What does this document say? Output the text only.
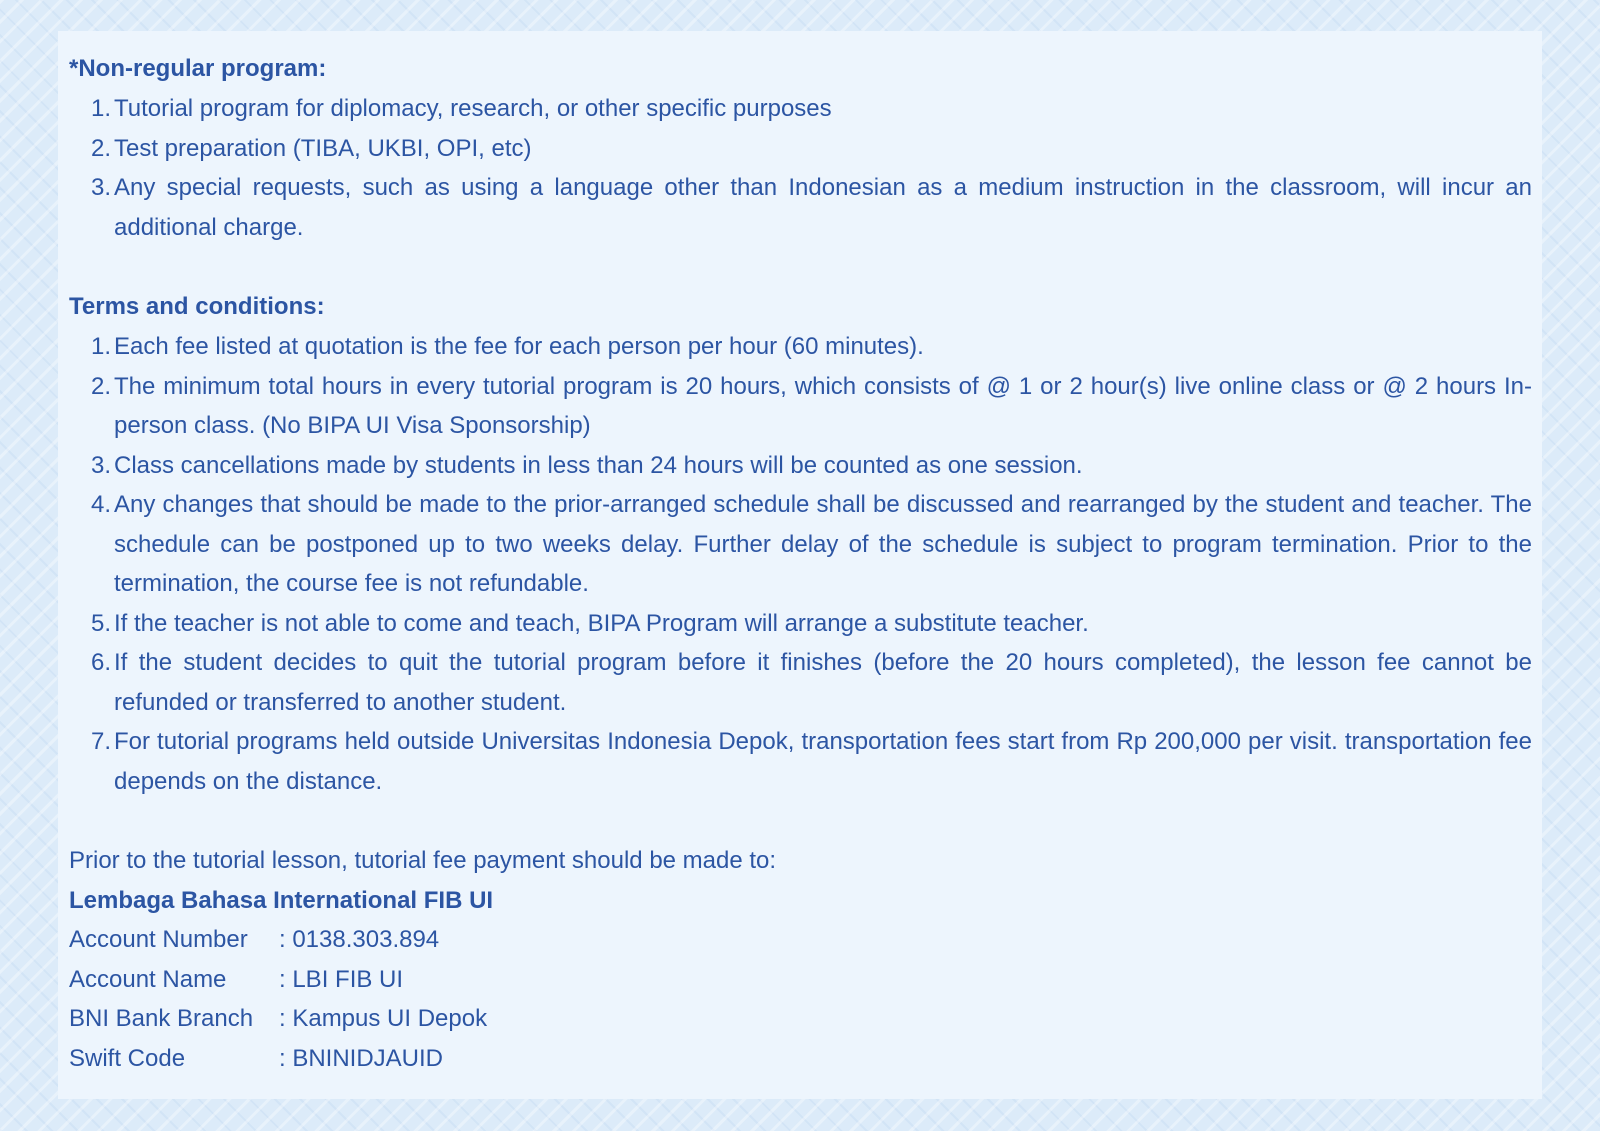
*Non-regular program:

1. Tutorial program for diplomacy, research, or other specific purposes
2. Test preparation (TIBA, UKBI, OPI, etc)
3. Any special requests, such as using a language other than Indonesian as a medium instruction in the classroom, will incur an additional charge.

Terms and conditions:

1. Each fee listed at quotation is the fee for each person per hour (60 minutes).
2. The minimum total hours in every tutorial program is 20 hours, which consists of @ 1 or 2 hour(s) live online class or @ 2 hours In-person class. (No BIPA UI Visa Sponsorship)
3. Class cancellations made by students in less than 24 hours will be counted as one session.
4. Any changes that should be made to the prior-arranged schedule shall be discussed and rearranged by the student and teacher. The schedule can be postponed up to two weeks delay. Further delay of the schedule is subject to program termination. Prior to the termination, the course fee is not refundable.
5. If the teacher is not able to come and teach, BIPA Program will arrange a substitute teacher.
6. If the student decides to quit the tutorial program before it finishes (before the 20 hours completed), the lesson fee cannot be refunded or transferred to another student.
7. For tutorial programs held outside Universitas Indonesia Depok, transportation fees start from Rp 200,000 per visit. transportation fee depends on the distance.

Prior to the tutorial lesson, tutorial fee payment should be made to:

Lembaga Bahasa International FIB UI

Account Number	: 0138.303.894
Account Name	: LBI FIB UI
BNI Bank Branch	: Kampus UI Depok
Swift Code	: BNINIDJAUID
